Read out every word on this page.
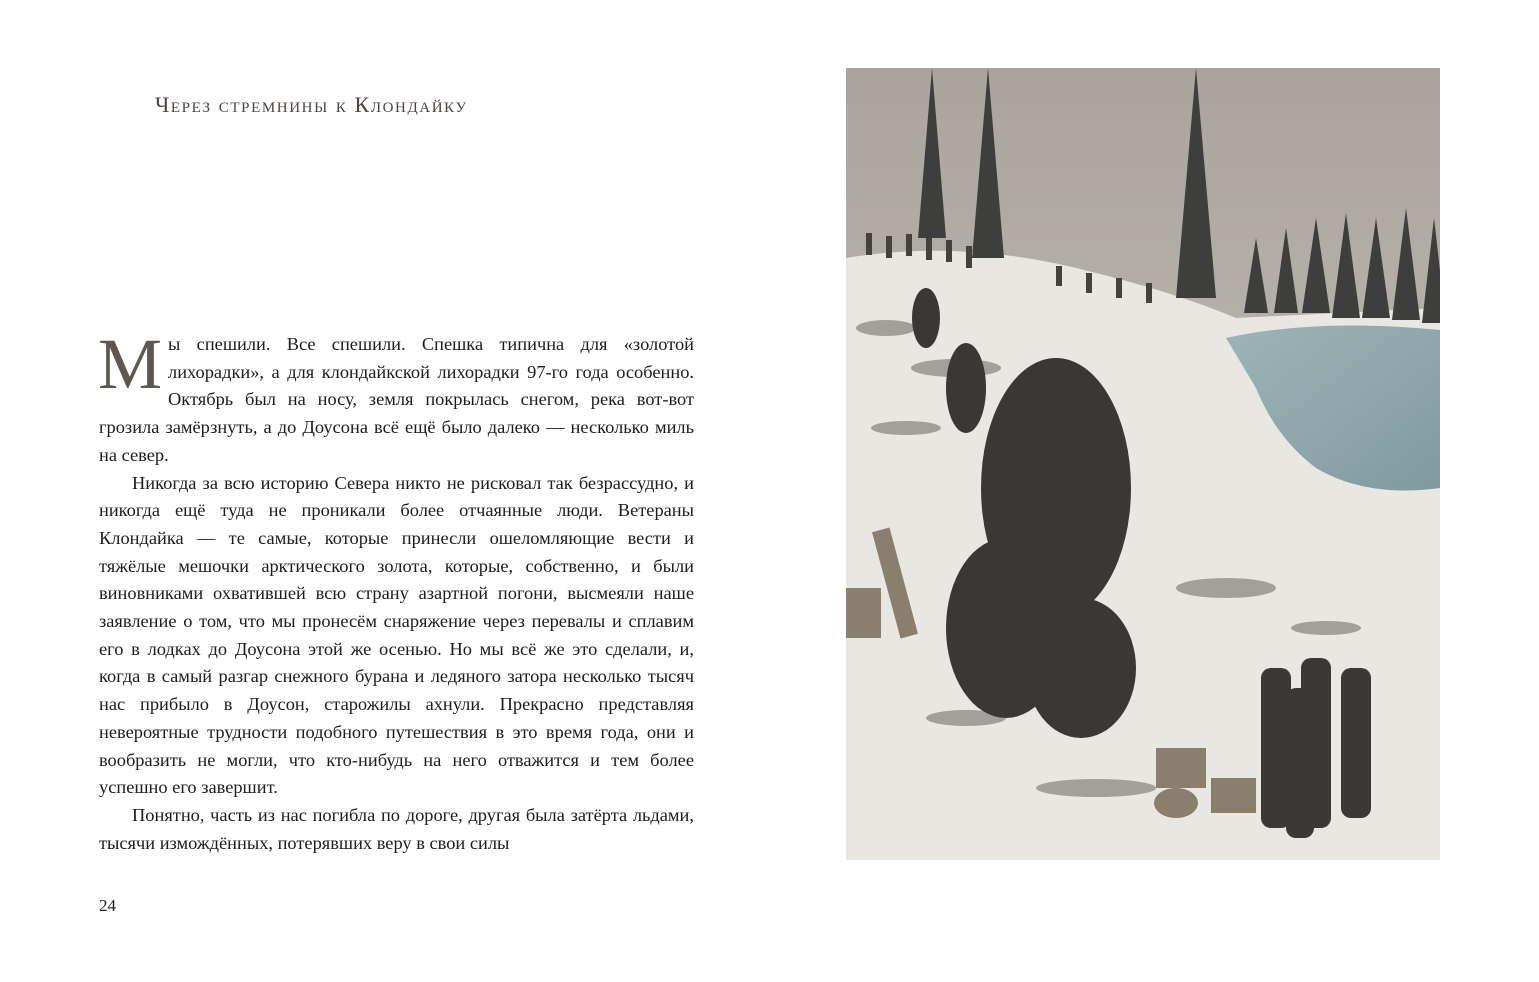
Через стремнины к Клондайку

Мы спешили. Все спешили. Спешка типична для «золотой лихорадки», а для клондайкской лихорадки 97-го года особенно. Октябрь был на носу, земля покрылась снегом, река вот-вот грозила замёрзнуть, а до Доусона всё ещё было далеко — несколько миль на север.

Никогда за всю историю Севера никто не рисковал так безрассудно, и никогда ещё туда не проникали более отчаянные люди. Ветераны Клондайка — те самые, которые принесли ошеломляющие вести и тяжёлые мешочки арктического золота, которые, собственно, и были виновниками охватившей всю страну азартной погони, высмеяли наше заявление о том, что мы пронесём снаряжение через перевалы и сплавим его в лодках до Доусона этой же осенью. Но мы всё же это сделали, и, когда в самый разгар снежного бурана и ледяного затора несколько тысяч нас прибыло в Доусон, старожилы ахнули. Прекрасно представляя невероятные трудности подобного путешествия в это время года, они и вообразить не могли, что кто-нибудь на него отважится и тем более успешно его завершит.

Понятно, часть из нас погибла по дороге, другая была затёрта льдами, тысячи измождённых, потерявших веру в свои силы

24
